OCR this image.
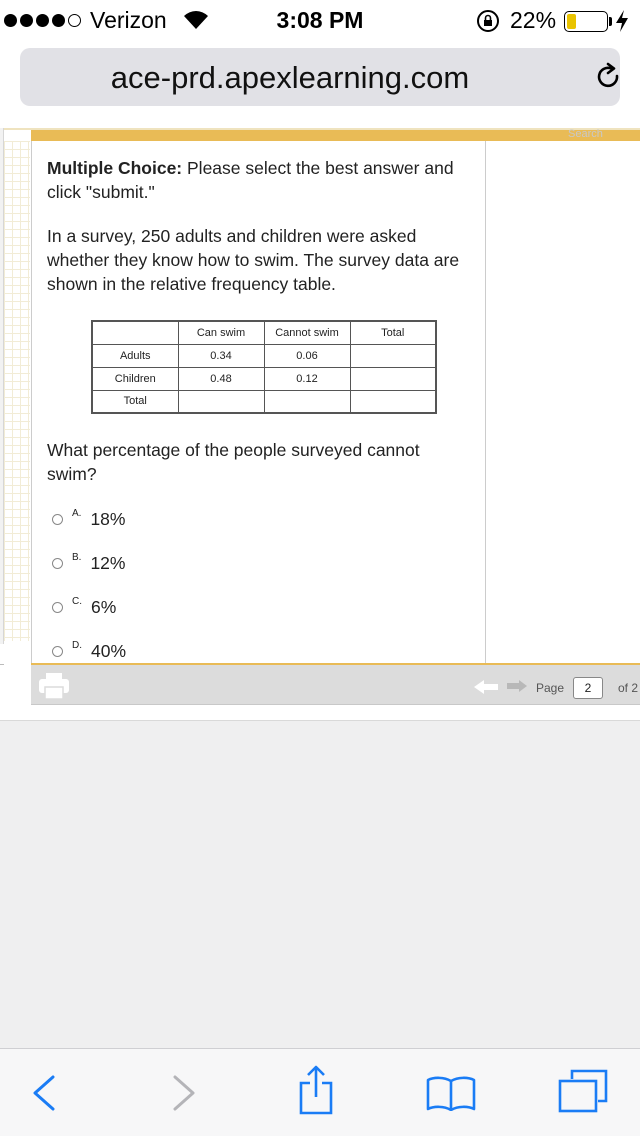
Verizon	3:08 PM	22%
ace-prd.apexlearning.com
Search
Multiple Choice: Please select the best answer and click "submit."
In a survey, 250 adults and children were asked whether they know how to swim. The survey data are shown in the relative frequency table.
	Can swim	Cannot swim	Total
Adults	0.34	0.06	
Children	0.48	0.12	
Total			
What percentage of the people surveyed cannot swim?
A. 18%
B. 12%
C. 6%
D. 40%
Page	2	of 2
